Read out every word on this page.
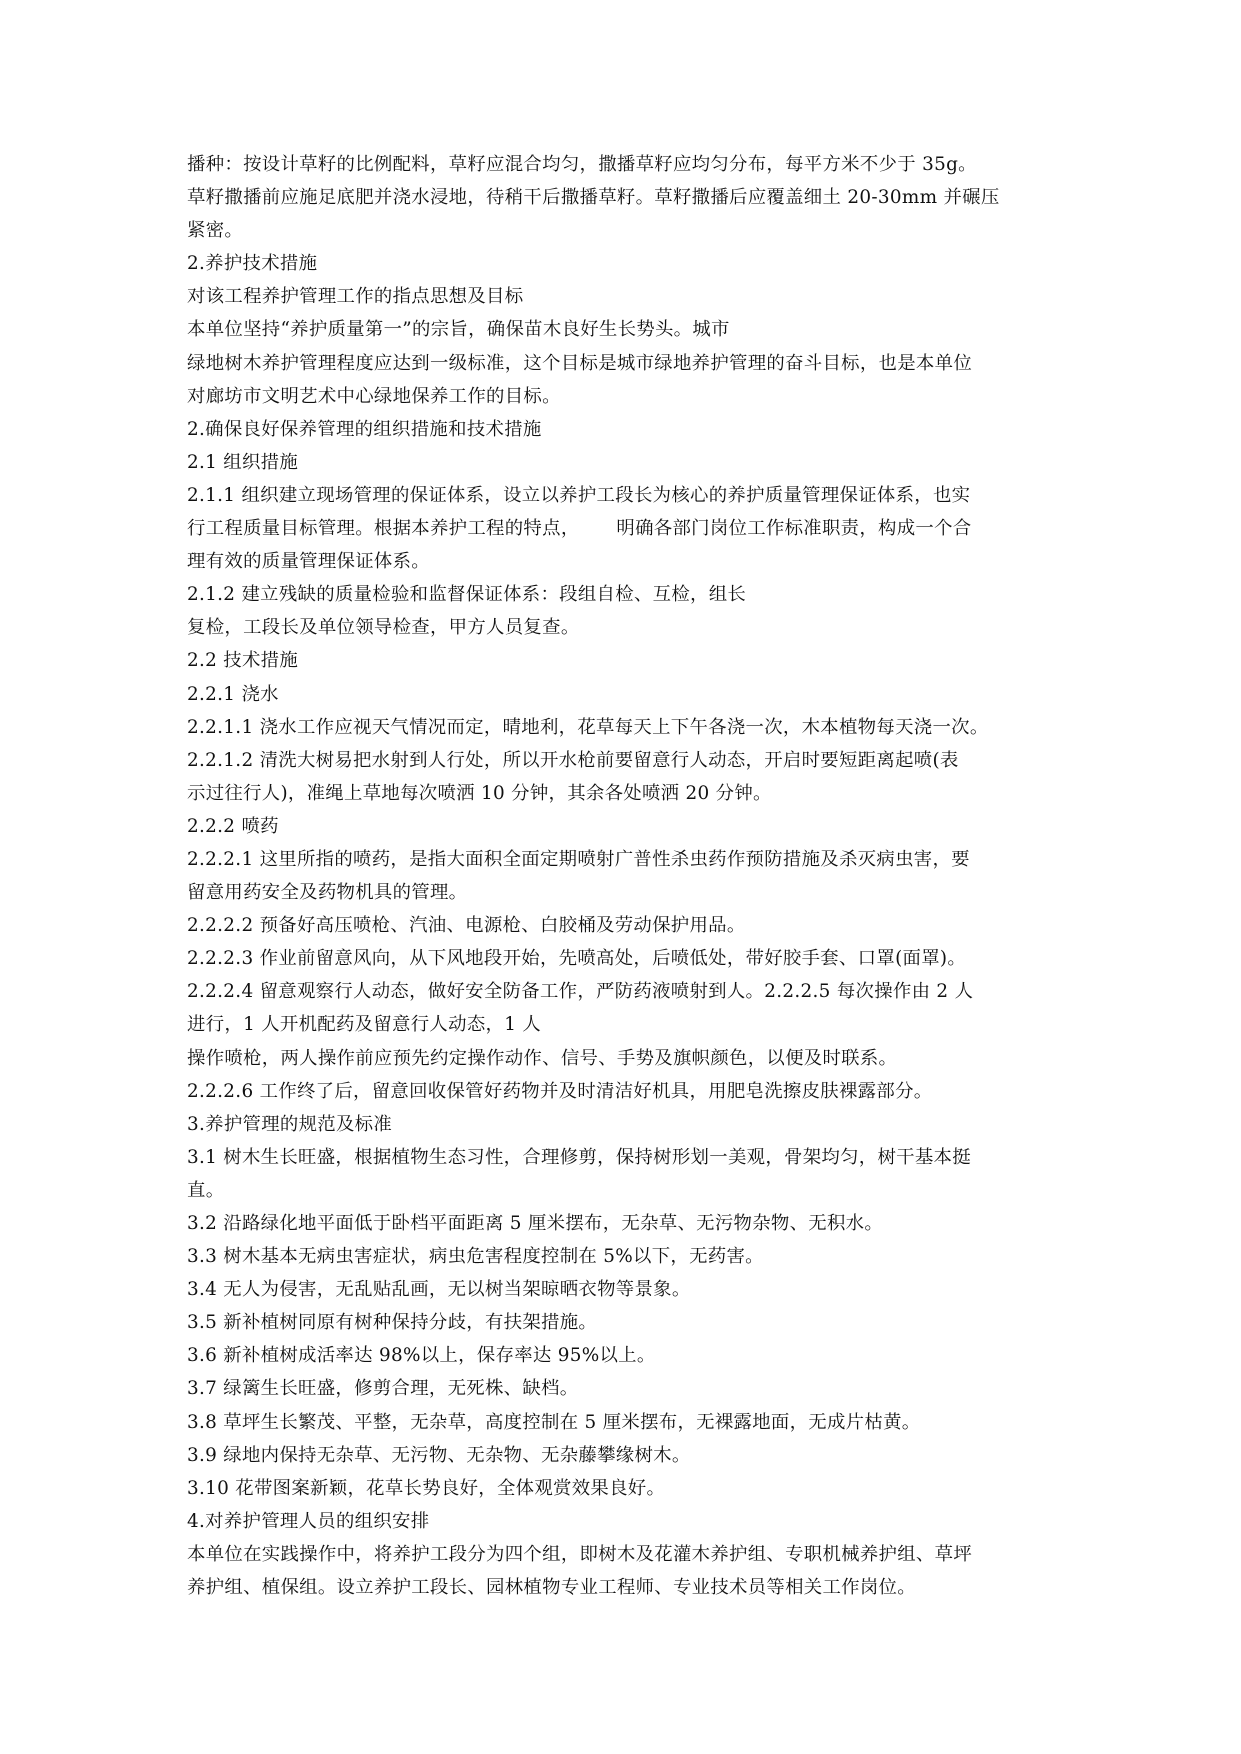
播种：按设计草籽的比例配料，草籽应混合均匀，撒播草籽应均匀分布，每平方米不少于 35g。
草籽撒播前应施足底肥并浇水浸地，待稍干后撒播草籽。草籽撒播后应覆盖细土 20-30mm 并碾压
紧密。
2.养护技术措施
对该工程养护管理工作的指点思想及目标
本单位坚持“养护质量第一”的宗旨，确保苗木良好生长势头。城市
绿地树木养护管理程度应达到一级标准，这个目标是城市绿地养护管理的奋斗目标，也是本单位
对廊坊市文明艺术中心绿地保养工作的目标。
2.确保良好保养管理的组织措施和技术措施
2.1 组织措施
2.1.1 组织建立现场管理的保证体系，设立以养护工段长为核心的养护质量管理保证体系，也实
行工程质量目标管理。根据本养护工程的特点，      明确各部门岗位工作标准职责，构成一个合
理有效的质量管理保证体系。
2.1.2 建立残缺的质量检验和监督保证体系：段组自检、互检，组长
复检，工段长及单位领导检查，甲方人员复查。
2.2 技术措施
2.2.1 浇水
2.2.1.1 浇水工作应视天气情况而定，晴地利，花草每天上下午各浇一次，木本植物每天浇一次。
2.2.1.2 清洗大树易把水射到人行处，所以开水枪前要留意行人动态，开启时要短距离起喷(表
示过往行人)，准绳上草地每次喷洒 10 分钟，其余各处喷洒 20 分钟。
2.2.2 喷药
2.2.2.1 这里所指的喷药，是指大面积全面定期喷射广普性杀虫药作预防措施及杀灭病虫害，要
留意用药安全及药物机具的管理。
2.2.2.2 预备好高压喷枪、汽油、电源枪、白胶桶及劳动保护用品。
2.2.2.3 作业前留意风向，从下风地段开始，先喷高处，后喷低处，带好胶手套、口罩(面罩)。
2.2.2.4 留意观察行人动态，做好安全防备工作，严防药液喷射到人。2.2.2.5 每次操作由 2 人
进行，1 人开机配药及留意行人动态，1 人
操作喷枪，两人操作前应预先约定操作动作、信号、手势及旗帜颜色，以便及时联系。
2.2.2.6 工作终了后，留意回收保管好药物并及时清洁好机具，用肥皂洗擦皮肤裸露部分。
3.养护管理的规范及标准
3.1 树木生长旺盛，根据植物生态习性，合理修剪，保持树形划一美观，骨架均匀，树干基本挺
直。
3.2 沿路绿化地平面低于卧档平面距离 5 厘米摆布，无杂草、无污物杂物、无积水。
3.3 树木基本无病虫害症状，病虫危害程度控制在 5%以下，无药害。
3.4 无人为侵害，无乱贴乱画，无以树当架晾晒衣物等景象。
3.5 新补植树同原有树种保持分歧，有扶架措施。
3.6 新补植树成活率达 98%以上，保存率达 95%以上。
3.7 绿篱生长旺盛，修剪合理，无死株、缺档。
3.8 草坪生长繁茂、平整，无杂草，高度控制在 5 厘米摆布，无裸露地面，无成片枯黄。
3.9 绿地内保持无杂草、无污物、无杂物、无杂藤攀缘树木。
3.10 花带图案新颖，花草长势良好，全体观赏效果良好。
4.对养护管理人员的组织安排
本单位在实践操作中，将养护工段分为四个组，即树木及花灌木养护组、专职机械养护组、草坪
养护组、植保组。设立养护工段长、园林植物专业工程师、专业技术员等相关工作岗位。
